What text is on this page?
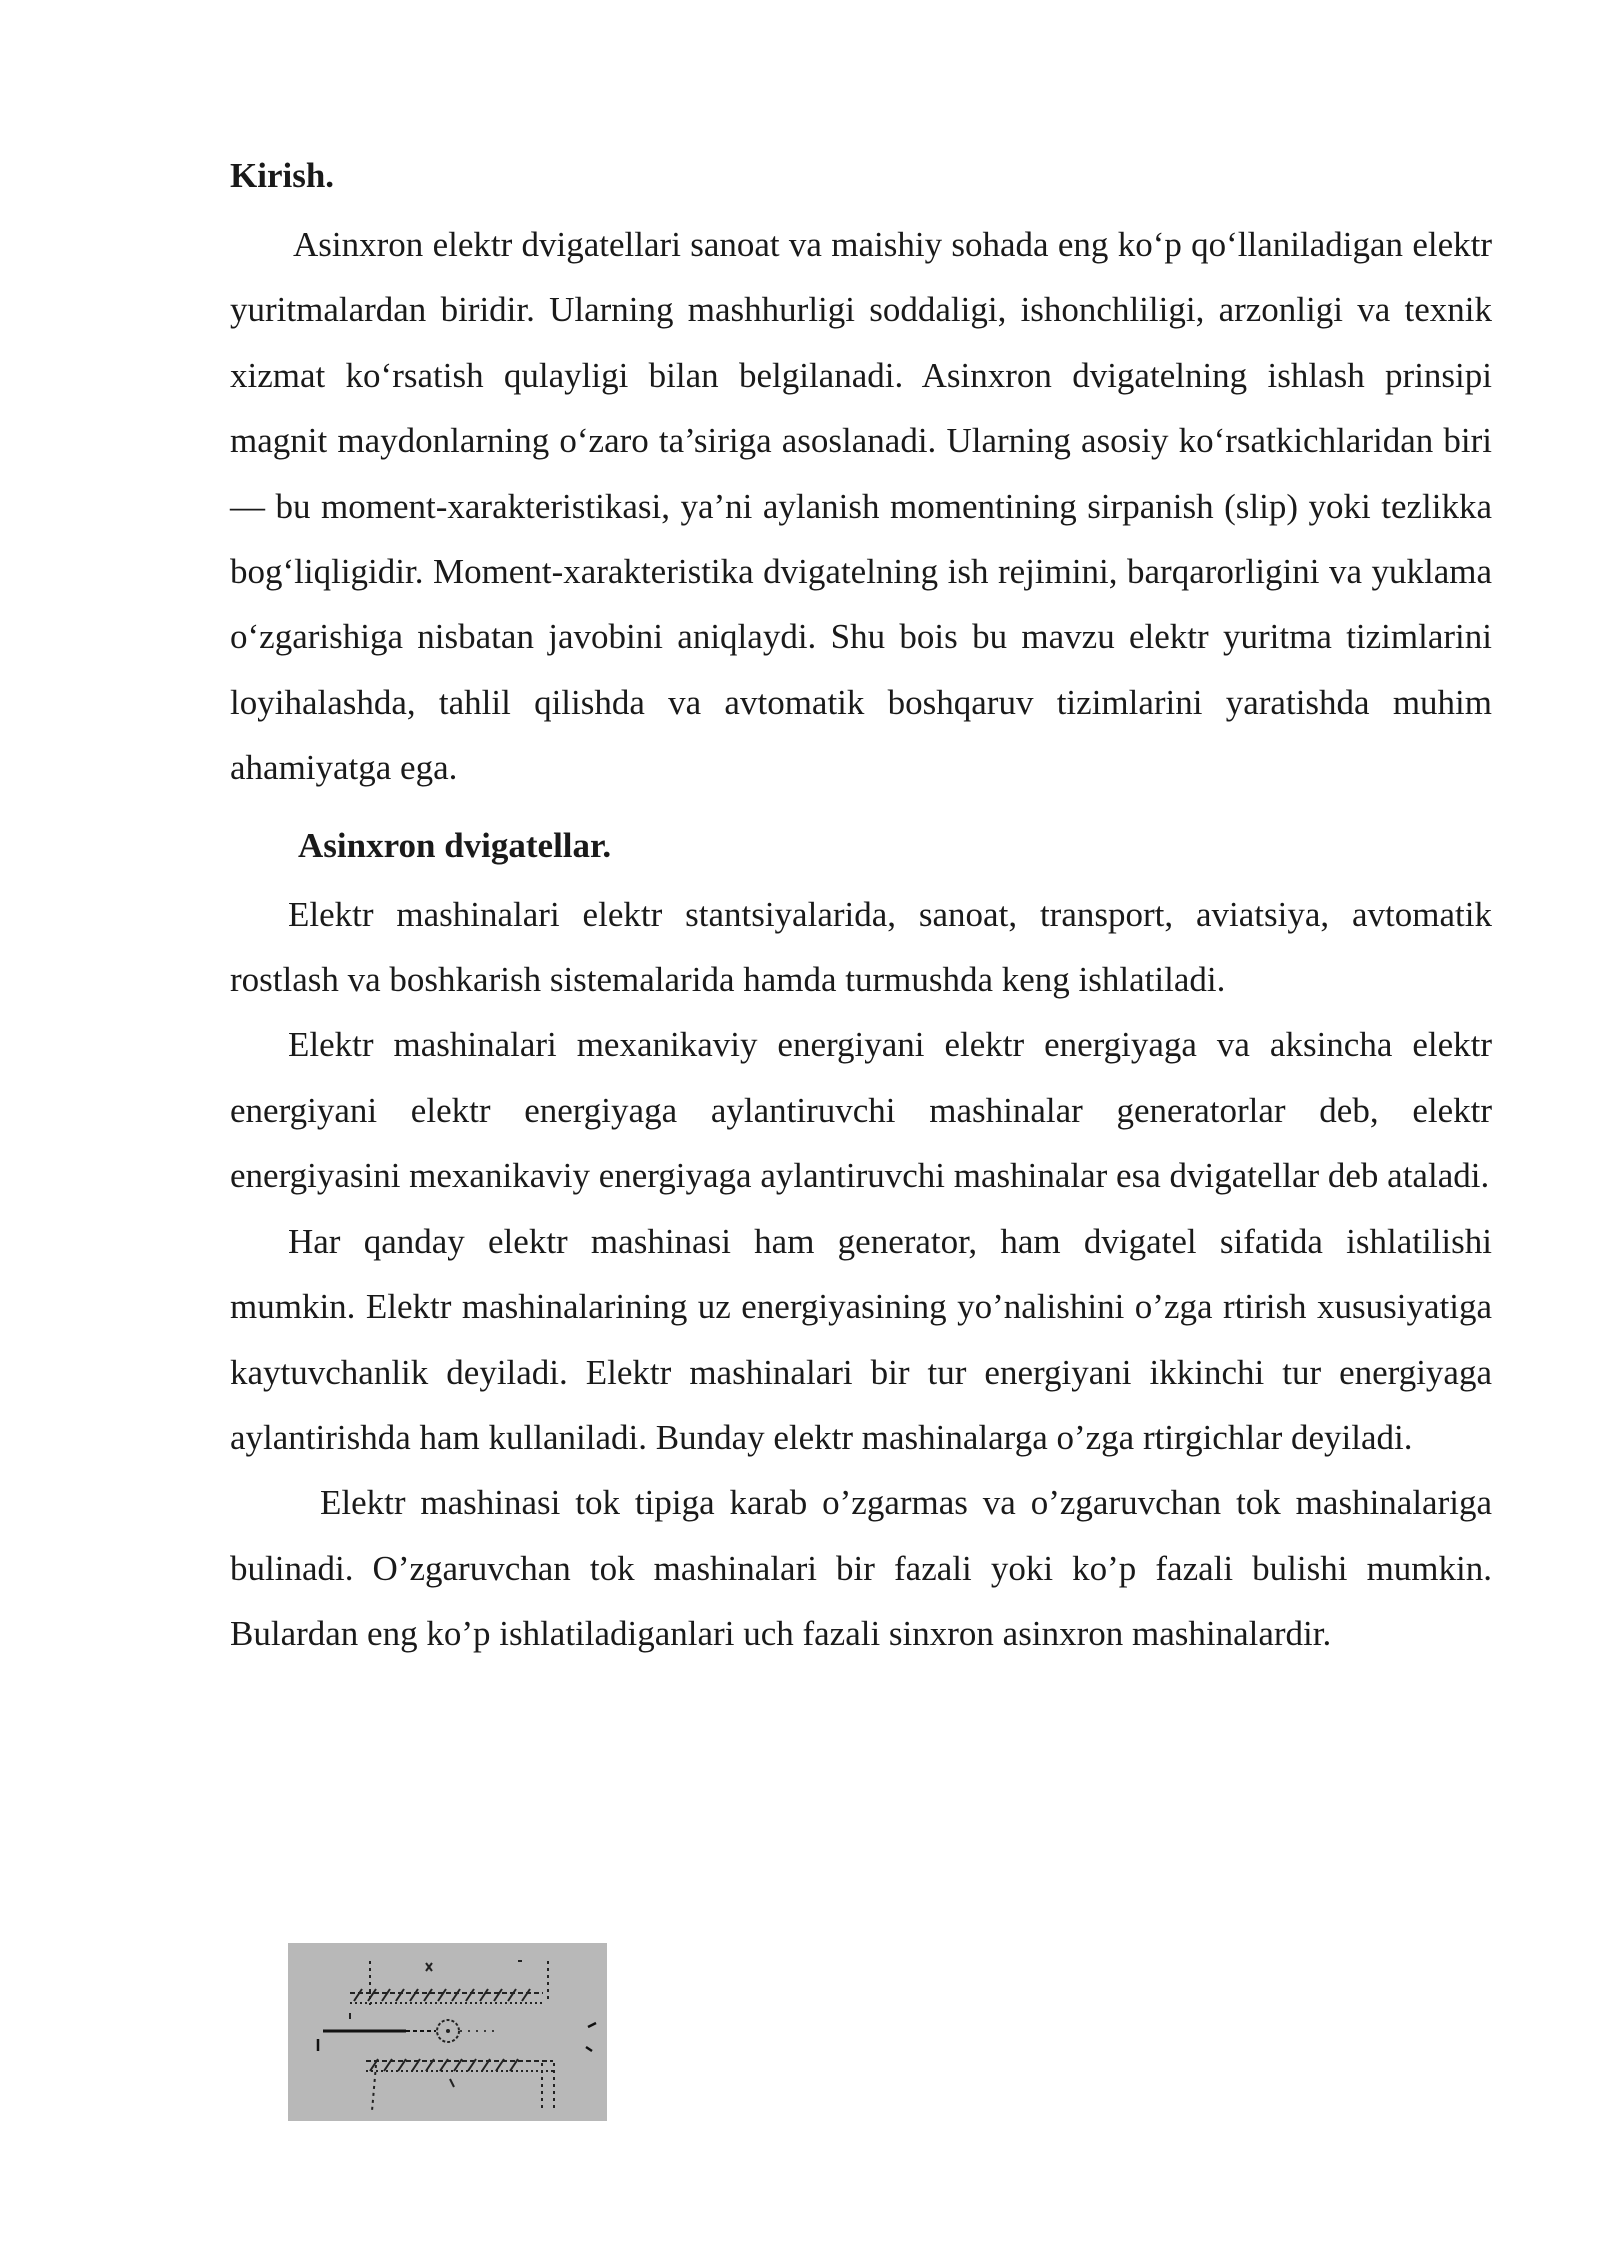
Kirish.

Asinxron elektr dvigatellari sanoat va maishiy sohada eng ko‘p qo‘llaniladigan elektr yuritmalardan biridir. Ularning mashhurligi soddaligi, ishonchliligi, arzonligi va texnik xizmat ko‘rsatish qulayligi bilan belgilanadi. Asinxron dvigatelning ishlash prinsipi magnit maydonlarning o‘zaro ta’siriga asoslanadi. Ularning asosiy ko‘rsatkichlaridan biri — bu moment-xarakteristikasi, ya’ni aylanish momentining sirpanish (slip) yoki tezlikka bog‘liqligidir. Moment-xarakteristika dvigatelning ish rejimini, barqarorligini va yuklama o‘zgarishiga nisbatan javobini aniqlaydi. Shu bois bu mavzu elektr yuritma tizimlarini loyihalashda, tahlil qilishda va avtomatik boshqaruv tizimlarini yaratishda muhim ahamiyatga ega.

Asinxron dvigatellar.

Elektr mashinalari elektr stantsiyalarida, sanoat, transport, aviatsiya, avtomatik rostlash va boshkarish sistemalarida hamda turmushda keng ishlatiladi.

Elektr mashinalari mexanikaviy energiyani elektr energiyaga va aksincha elektr energiyani elektr energiyaga aylantiruvchi mashinalar generatorlar deb, elektr energiyasini mexanikaviy energiyaga aylantiruvchi mashinalar esa dvigatellar deb ataladi.

Har qanday elektr mashinasi ham generator, ham dvigatel sifatida ishlatilishi mumkin. Elektr mashinalarining uz energiyasining yo’nalishini o’zga rtirish xususiyatiga kaytuvchanlik deyiladi. Elektr mashinalari bir tur energiyani ikkinchi tur energiyaga aylantirishda ham kullaniladi. Bunday elektr mashinalarga o’zga rtirgichlar deyiladi.

Elektr mashinasi tok tipiga karab o’zgarmas va o’zgaruvchan tok mashinalariga bulinadi. O’zgaruvchan tok mashinalari bir fazali yoki ko’p fazali bulishi mumkin. Bulardan eng ko’p ishlatiladiganlari uch fazali sinxron asinxron mashinalardir.
